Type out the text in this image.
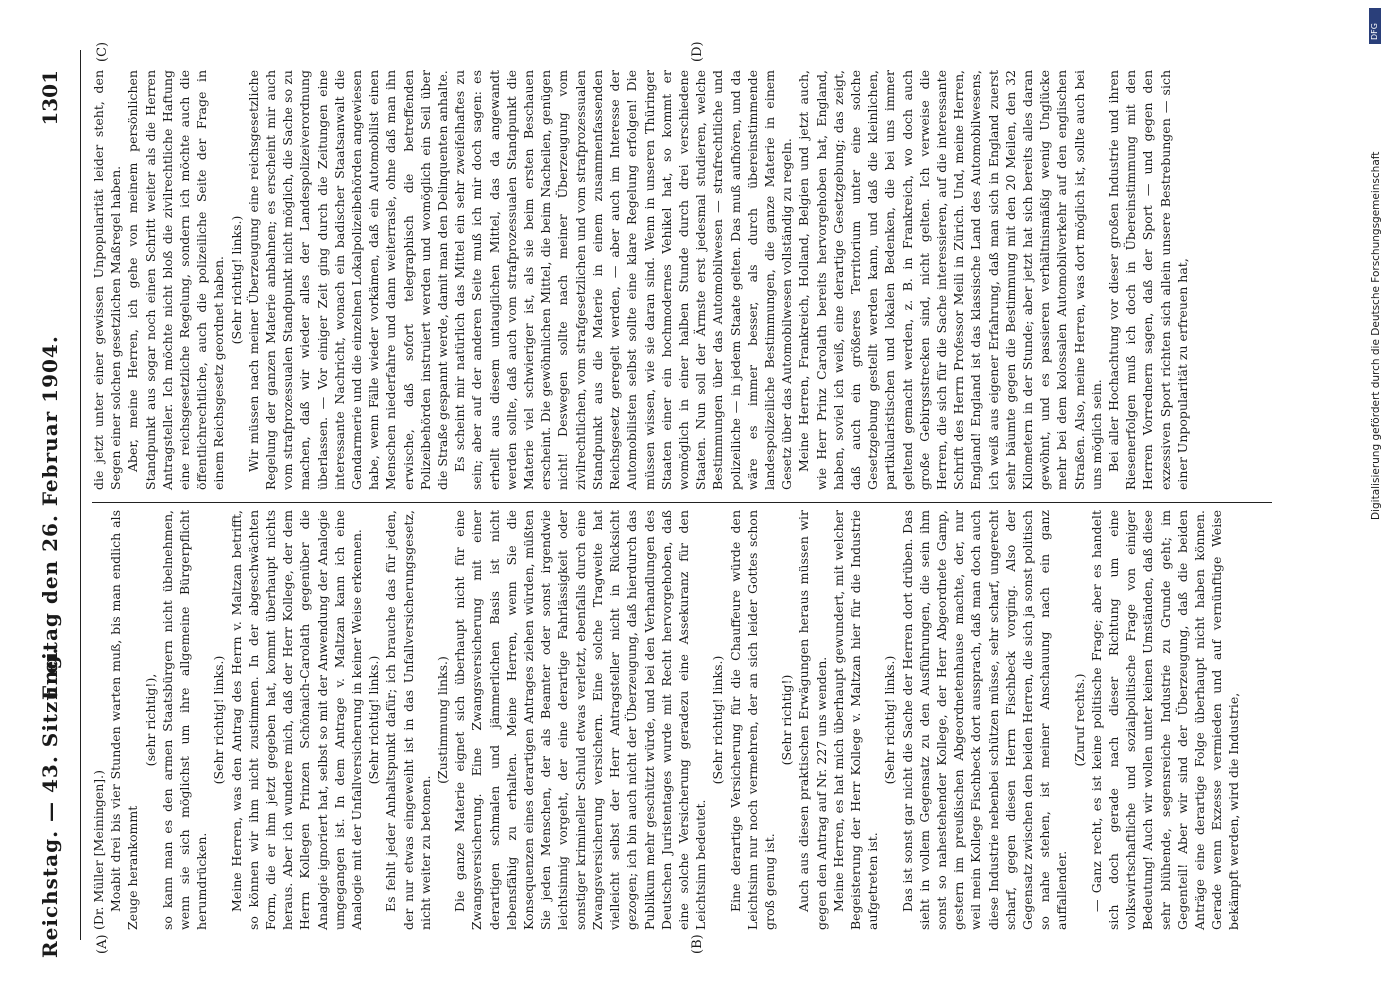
Reichstag. — 43. Sitzung.
Freitag den 26. Februar 1904.
1301
(A)	(B)
(C)	(D)

(Dr. Müller [Meiningen].) Moabit drei bis vier Stunden warten muß, bis man endlich als Zeuge herankommt

(sehr richtig!), so kann man es den armen Staatsbürgern nicht übelnehmen, wenn sie sich möglichst um ihre allgemeine Bürgerpflicht herumdrücken.

(Sehr richtig! links.) Meine Herren, was den Antrag des Herrn v. Maltzan betrifft, so können wir ihm nicht zustimmen. In der abgeschwächten Form, die er ihm jetzt gegeben hat, kommt überhaupt nichts heraus. Aber ich wundere mich, daß der Herr Kollege, der dem Herrn Kollegen Prinzen Schönaich-Carolath gegenüber die Analogie ignoriert hat, selbst so mit der Anwendung der Analogie umgegangen ist. In dem Antrage v. Maltzan kann ich eine Analogie mit der Unfallversicherung in keiner Weise erkennen. (Sehr richtig! links.) Es fehlt jeder Anhaltspunkt dafür; ich brauche das für jeden, der nur etwas eingeweiht ist in das Unfallversicherungsgesetz, nicht weiter zu betonen.

(Zustimmung links.) Die ganze Materie eignet sich überhaupt nicht für eine Zwangsversicherung. Eine Zwangsversicherung mit einer derartigen schmalen und jämmerlichen Basis ist nicht lebensfähig zu erhalten. Meine Herren, wenn Sie die Konsequenzen eines derartigen Antrages ziehen würden, müßten Sie jeden Menschen, der als Beamter oder sonst irgendwie leichtsinnig vorgeht, der eine derartige Fahrlässigkeit oder sonstiger krimineller Schuld etwas verletzt, ebenfalls durch eine Zwangsversicherung versichern. Eine solche Tragweite hat vielleicht selbst der Herr Antragsteller nicht in Rücksicht gezogen; ich bin auch nicht der Überzeugung, daß hierdurch das Publikum mehr geschützt würde, und bei den Verhandlungen des Deutschen Juristentages wurde mit Recht hervorgehoben, daß eine solche Versicherung geradezu eine Assekuranz für den Leichtsinn bedeutet.

(Sehr richtig! links.) Eine derartige Versicherung für die Chauffeure würde den Leichtsinn nur noch vermehren, der an sich leider Gottes schon groß genug ist.

(Sehr richtig!) Auch aus diesen praktischen Erwägungen heraus müssen wir gegen den Antrag auf Nr. 227 uns wenden. Meine Herren, es hat mich überhaupt gewundert, mit welcher Begeisterung der Herr Kollege v. Maltzan hier für die Industrie aufgetreten ist.

(Sehr richtig! links.) Das ist sonst gar nicht die Sache der Herren dort drüben. Das sieht in vollem Gegensatz zu den Ausführungen, die sein ihm sonst so nahestehender Kollege, der Herr Abgeordnete Gamp, gestern im preußischen Abgeordnetenhause machte, der, nur weil mein Kollege Fischbeck dort aussprach, daß man doch auch diese Industrie nebenbei schützen müsse, sehr scharf, ungerecht scharf, gegen diesen Herrn Fischbeck vorging. Also der Gegensatz zwischen den beiden Herren, die sich ja sonst politisch so nahe stehen, ist meiner Anschauung nach ein ganz auffallender.

(Zuruf rechts.) — Ganz recht, es ist keine politische Frage; aber es handelt sich doch gerade nach dieser Richtung um eine volkswirtschaftliche und sozialpolitische Frage von einiger Bedeutung! Auch wir wollen unter keinen Umständen, daß diese sehr blühende, segensreiche Industrie zu Grunde geht; im Gegenteil! Aber wir sind der Überzeugung, daß die beiden Anträge eine derartige Folge überhaupt nicht haben können. Gerade wenn Exzesse vermieden und auf vernünftige Weise bekämpft werden, wird die Industrie,

die jetzt unter einer gewissen Unpopularität leider steht, den Segen einer solchen gesetzlichen Maßregel haben. Aber, meine Herren, ich gehe von meinem persönlichen Standpunkt aus sogar noch einen Schritt weiter als die Herren Antragsteller. Ich möchte nicht bloß die zivilrechtliche Haftung eine reichsgesetzliche Regelung, sondern ich möchte auch die öffentlichrechtliche, auch die polizeiliche Seite der Frage in einem Reichsgesetz geordnet haben. (Sehr richtig! links.) Wir müssen nach meiner Überzeugung eine reichsgesetzliche Regelung der ganzen Materie anbahnen; es erscheint mir auch vom strafprozessualen Standpunkt nicht möglich, die Sache so zu machen, daß wir wieder alles der Landespolizeiverordnung überlassen. — Vor einiger Zeit ging durch die Zeitungen eine interessante Nachricht, wonach ein badischer Staatsanwalt die Gendarmerie und die einzelnen Lokalpolizeibehörden angewiesen habe, wenn Fälle wieder vorkämen, daß ein Automobilist einen Menschen niederfahre und dann weiterrasle, ohne daß man ihn erwische, daß sofort telegraphisch die betreffenden Polizeibehörden instruiert werden und womöglich ein Seil über die Straße gespannt werde, damit man den Delinquenten anhalte. Es scheint mir natürlich das Mittel ein sehr zweifelhaftes zu sein; aber auf der anderen Seite muß ich mir doch sagen: es erhellt aus diesem untauglichen Mittel, das da angewandt werden sollte, daß auch vom strafprozessualen Standpunkt die Materie viel schwieriger ist, als sie beim ersten Beschauen erscheint. Die gewöhnlichen Mittel, die beim Nacheilen, genügen nicht! Deswegen sollte nach meiner Überzeugung vom zivilrechtlichen, vom strafgesetzlichen und vom strafprozessualen Standpunkt aus die Materie in einem zusammenfassenden Reichsgesetz geregelt werden, — aber auch im Interesse der Automobilisten selbst sollte eine klare Regelung erfolgen! Die müssen wissen, wie sie daran sind. Wenn in unseren Thüringer Staaten einer ein hochmodernes Vehikel hat, so kommt er womöglich in einer halben Stunde durch drei verschiedene Staaten. Nun soll der Ärmste erst jedesmal studieren, welche Bestimmungen über das Automobilwesen — strafrechtliche und polizeiliche — in jedem Staate gelten. Das muß aufhören, und da wäre es immer besser, als durch übereinstimmende landespolizeiliche Bestimmungen, die ganze Materie in einem Gesetz über das Automobilwesen vollständig zu regeln. Meine Herren, Frankreich, Holland, Belgien und jetzt auch, wie Herr Prinz Carolath bereits hervorgehoben hat, England, haben, soviel ich weiß, eine derartige Gesetzgebung; das zeigt, daß auch ein größeres Territorium unter eine solche Gesetzgebung gestellt werden kann, und daß die kleinlichen, partikularistischen und lokalen Bedenken, die bei uns immer geltend gemacht werden, z. B. in Frankreich, wo doch auch große Gebirgsstrecken sind, nicht gelten. Ich verweise die Herren, die sich für die Sache interessieren, auf die interessante Schrift des Herrn Professor Meili in Zürich. Und, meine Herren, England! England ist das klassische Land des Automobilwesens, ich weiß aus eigener Erfahrung, daß man sich in England zuerst sehr bäumte gegen die Bestimmung mit den 20 Meilen, den 32 Kilometern in der Stunde; aber jetzt hat sich bereits alles daran gewöhnt, und es passieren verhältnismäßig wenig Unglücke mehr bei dem kolossalen Automobilverkehr auf den englischen Straßen. Also, meine Herren, was dort möglich ist, sollte auch bei uns möglich sein. Bei aller Hochachtung vor dieser großen Industrie und ihren Riesenerfolgen muß ich doch in Übereinstimmung mit den Herren Vorrednern sagen, daß der Sport — und gegen den exzessiven Sport richten sich allein unsere Bestrebungen — sich einer Unpopularität zu erfreuen hat,	Digitalisierung gefördert durch die Deutsche Forschungsgemeinschaft
DFG
